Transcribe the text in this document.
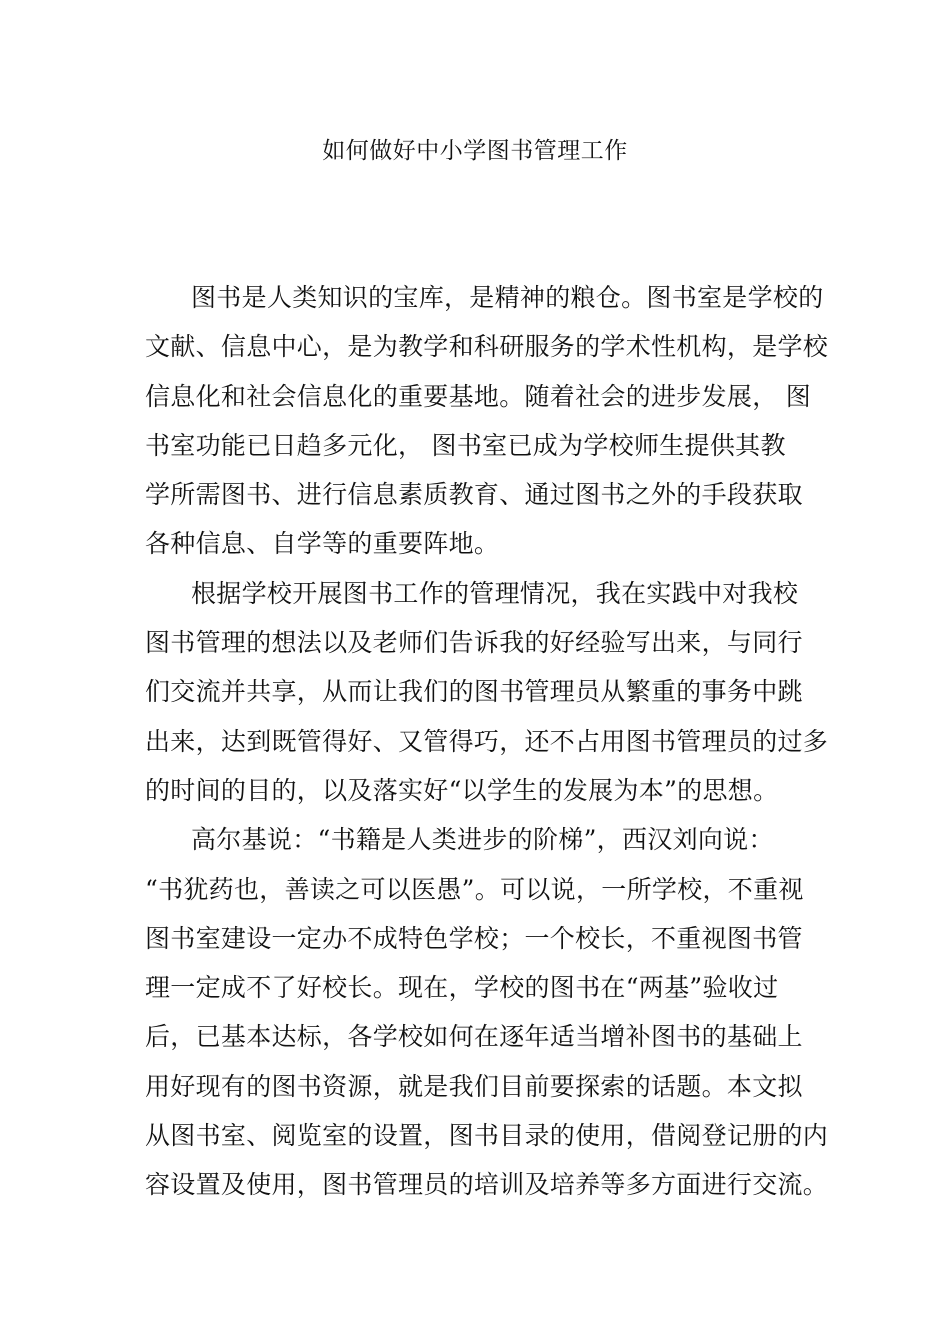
如何做好中小学图书管理工作
图书是人类知识的宝库，是精神的粮仓。图书室是学校的
文献、信息中心，是为教学和科研服务的学术性机构，是学校
信息化和社会信息化的重要基地。随着社会的进步发展， 图
书室功能已日趋多元化， 图书室已成为学校师生提供其教
学所需图书、进行信息素质教育、通过图书之外的手段获取
各种信息、自学等的重要阵地。
根据学校开展图书工作的管理情况，我在实践中对我校
图书管理的想法以及老师们告诉我的好经验写出来，与同行
们交流并共享，从而让我们的图书管理员从繁重的事务中跳
出来，达到既管得好、又管得巧，还不占用图书管理员的过多
的时间的目的，以及落实好“以学生的发展为本”的思想。
高尔基说：“书籍是人类进步的阶梯”，西汉刘向说：
“书犹药也，善读之可以医愚”。可以说，一所学校，不重视
图书室建设一定办不成特色学校；一个校长，不重视图书管
理一定成不了好校长。现在，学校的图书在“两基”验收过
后，已基本达标，各学校如何在逐年适当增补图书的基础上
用好现有的图书资源，就是我们目前要探索的话题。本文拟
从图书室、阅览室的设置，图书目录的使用，借阅登记册的内
容设置及使用，图书管理员的培训及培养等多方面进行交流。
